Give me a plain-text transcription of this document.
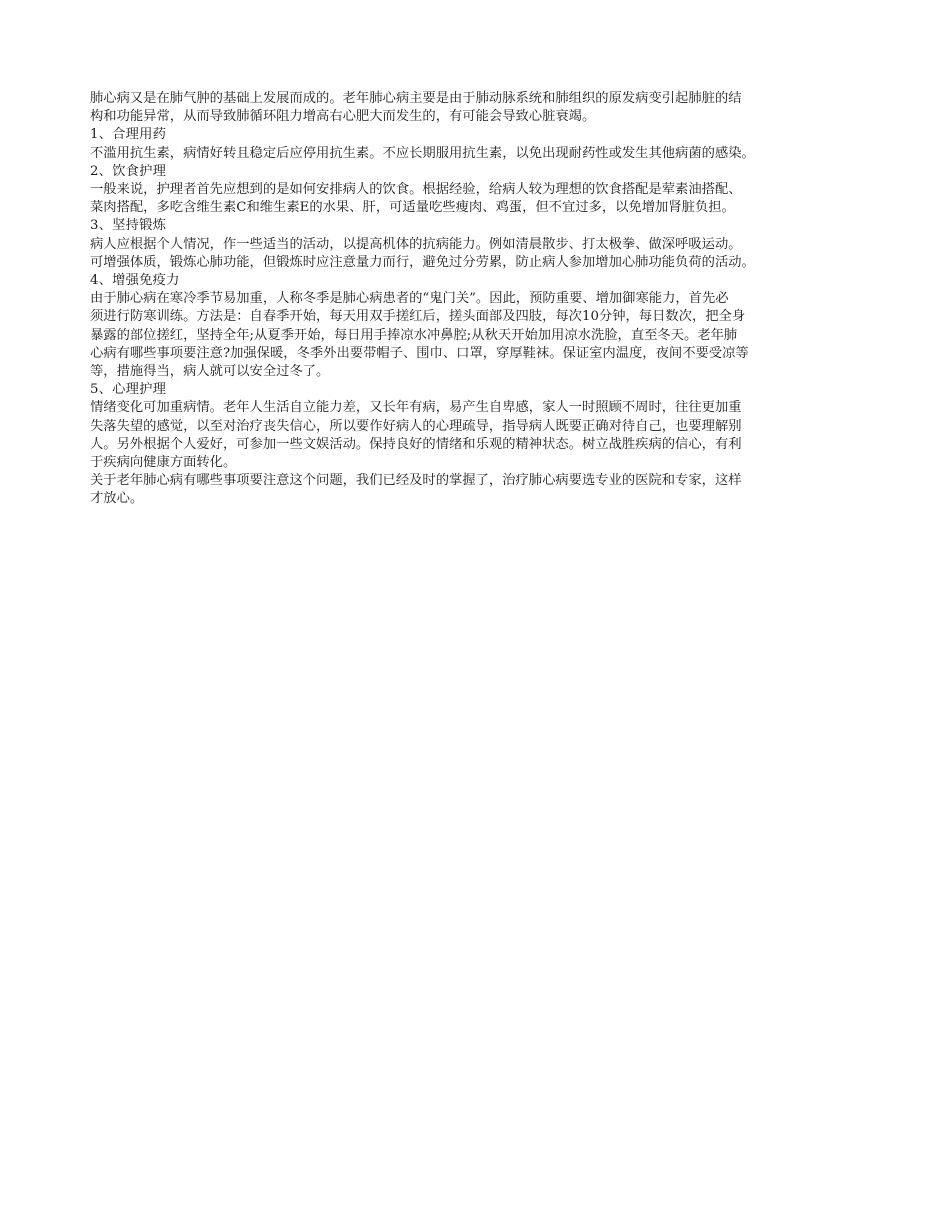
肺心病又是在肺气肿的基础上发展而成的。老年肺心病主要是由于肺动脉系统和肺组织的原发病变引起肺脏的结
构和功能异常，从而导致肺循环阻力增高右心肥大而发生的，有可能会导致心脏衰竭。

1、合理用药

不滥用抗生素，病情好转且稳定后应停用抗生素。不应长期服用抗生素，以免出现耐药性或发生其他病菌的感染。

2、饮食护理

一般来说，护理者首先应想到的是如何安排病人的饮食。根据经验，给病人较为理想的饮食搭配是荤素油搭配、
菜肉搭配，多吃含维生素C和维生素E的水果、肝，可适量吃些瘦肉、鸡蛋，但不宜过多，以免增加肾脏负担。

3、坚持锻炼

病人应根据个人情况，作一些适当的活动，以提高机体的抗病能力。例如清晨散步、打太极拳、做深呼吸运动。
可增强体质，锻炼心肺功能，但锻炼时应注意量力而行，避免过分劳累，防止病人参加增加心肺功能负荷的活动。

4、增强免疫力

由于肺心病在寒冷季节易加重，人称冬季是肺心病患者的“鬼门关”。因此，预防重要、增加御寒能力，首先必
须进行防寒训练。方法是：自春季开始，每天用双手搓红后，搓头面部及四肢，每次10分钟，每日数次，把全身
暴露的部位搓红，坚持全年;从夏季开始，每日用手捧凉水冲鼻腔;从秋天开始加用凉水洗脸，直至冬天。老年肺
心病有哪些事项要注意?加强保暖，冬季外出要带帽子、围巾、口罩，穿厚鞋袜。保证室内温度，夜间不要受凉等
等，措施得当，病人就可以安全过冬了。

5、心理护理

情绪变化可加重病情。老年人生活自立能力差，又长年有病，易产生自卑感，家人一时照顾不周时，往往更加重
失落失望的感觉，以至对治疗丧失信心，所以要作好病人的心理疏导，指导病人既要正确对待自己，也要理解别
人。另外根据个人爱好，可参加一些文娱活动。保持良好的情绪和乐观的精神状态。树立战胜疾病的信心，有利
于疾病向健康方面转化。

关于老年肺心病有哪些事项要注意这个问题，我们已经及时的掌握了，治疗肺心病要选专业的医院和专家，这样
才放心。
